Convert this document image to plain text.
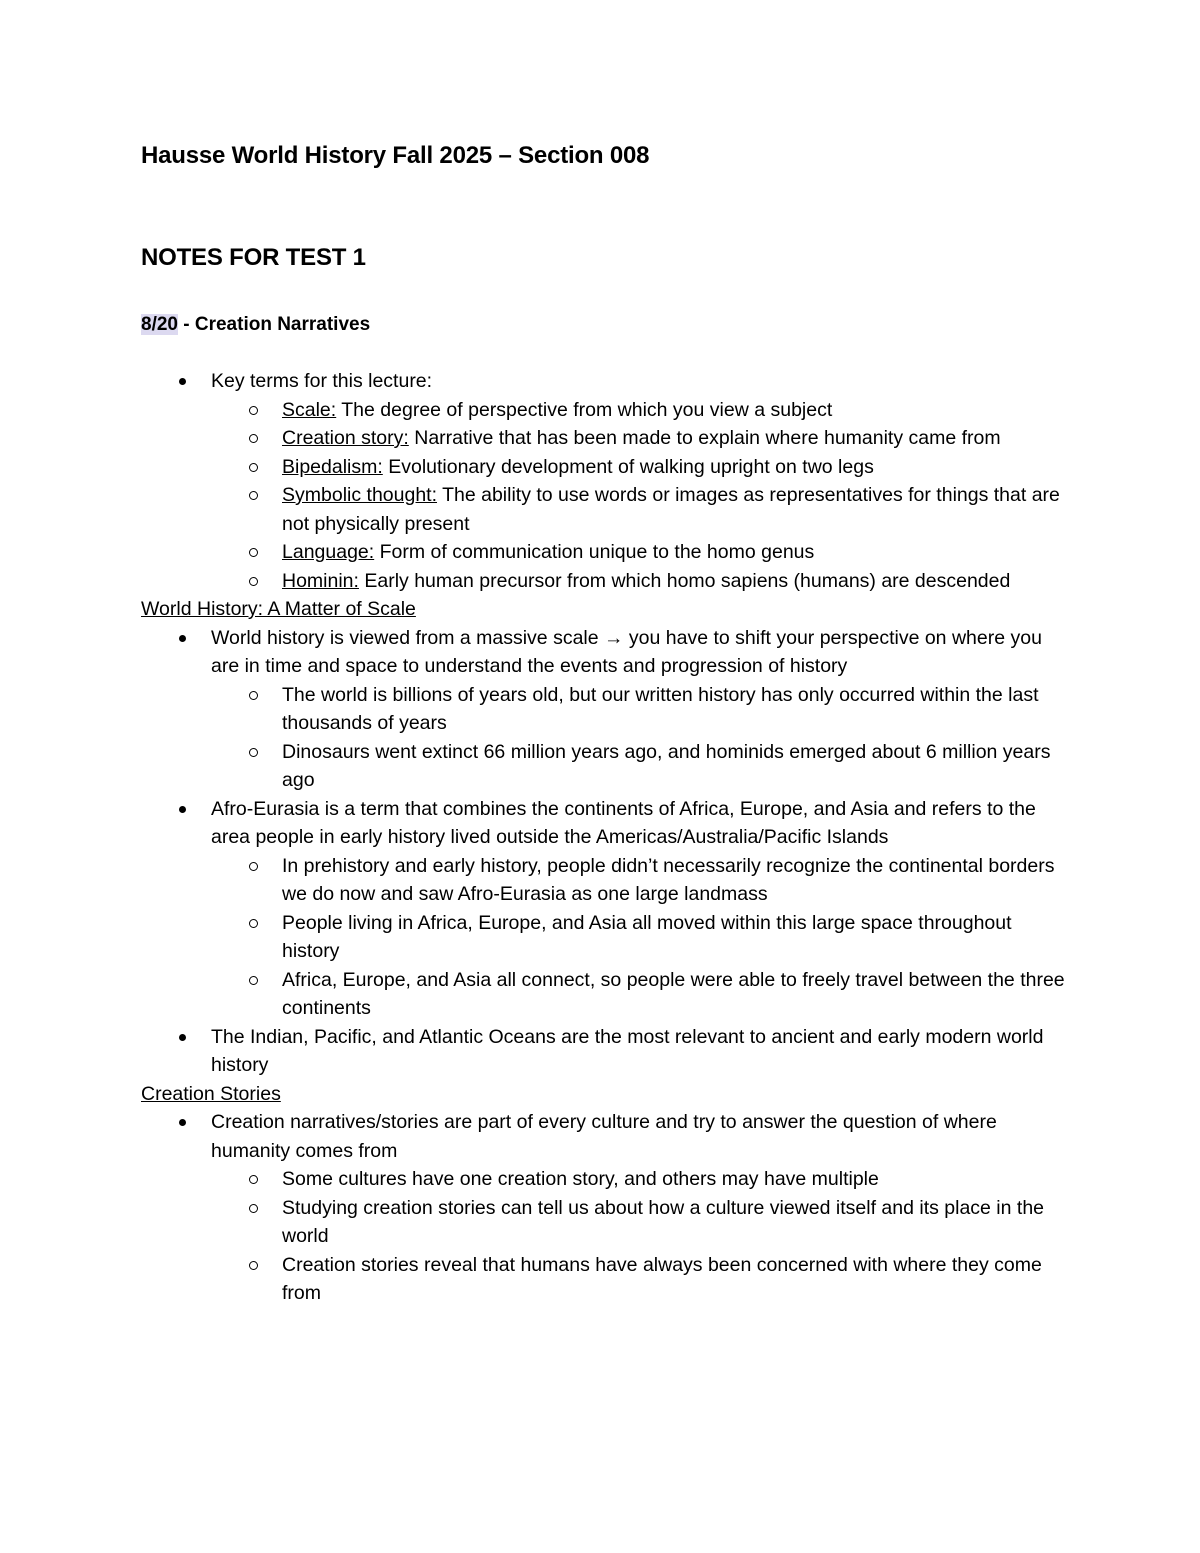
Hausse World History Fall 2025 – Section 008
NOTES FOR TEST 1
8/20 - Creation Narratives
Key terms for this lecture:
Scale: The degree of perspective from which you view a subject
Creation story: Narrative that has been made to explain where humanity came from
Bipedalism: Evolutionary development of walking upright on two legs
Symbolic thought: The ability to use words or images as representatives for things that are not physically present
Language: Form of communication unique to the homo genus
Hominin: Early human precursor from which homo sapiens (humans) are descended
World History: A Matter of Scale
World history is viewed from a massive scale → you have to shift your perspective on where you are in time and space to understand the events and progression of history
The world is billions of years old, but our written history has only occurred within the last thousands of years
Dinosaurs went extinct 66 million years ago, and hominids emerged about 6 million years ago
Afro-Eurasia is a term that combines the continents of Africa, Europe, and Asia and refers to the area people in early history lived outside the Americas/Australia/Pacific Islands
In prehistory and early history, people didn’t necessarily recognize the continental borders we do now and saw Afro-Eurasia as one large landmass
People living in Africa, Europe, and Asia all moved within this large space throughout history
Africa, Europe, and Asia all connect, so people were able to freely travel between the three continents
The Indian, Pacific, and Atlantic Oceans are the most relevant to ancient and early modern world history
Creation Stories
Creation narratives/stories are part of every culture and try to answer the question of where humanity comes from
Some cultures have one creation story, and others may have multiple
Studying creation stories can tell us about how a culture viewed itself and its place in the world
Creation stories reveal that humans have always been concerned with where they come from
